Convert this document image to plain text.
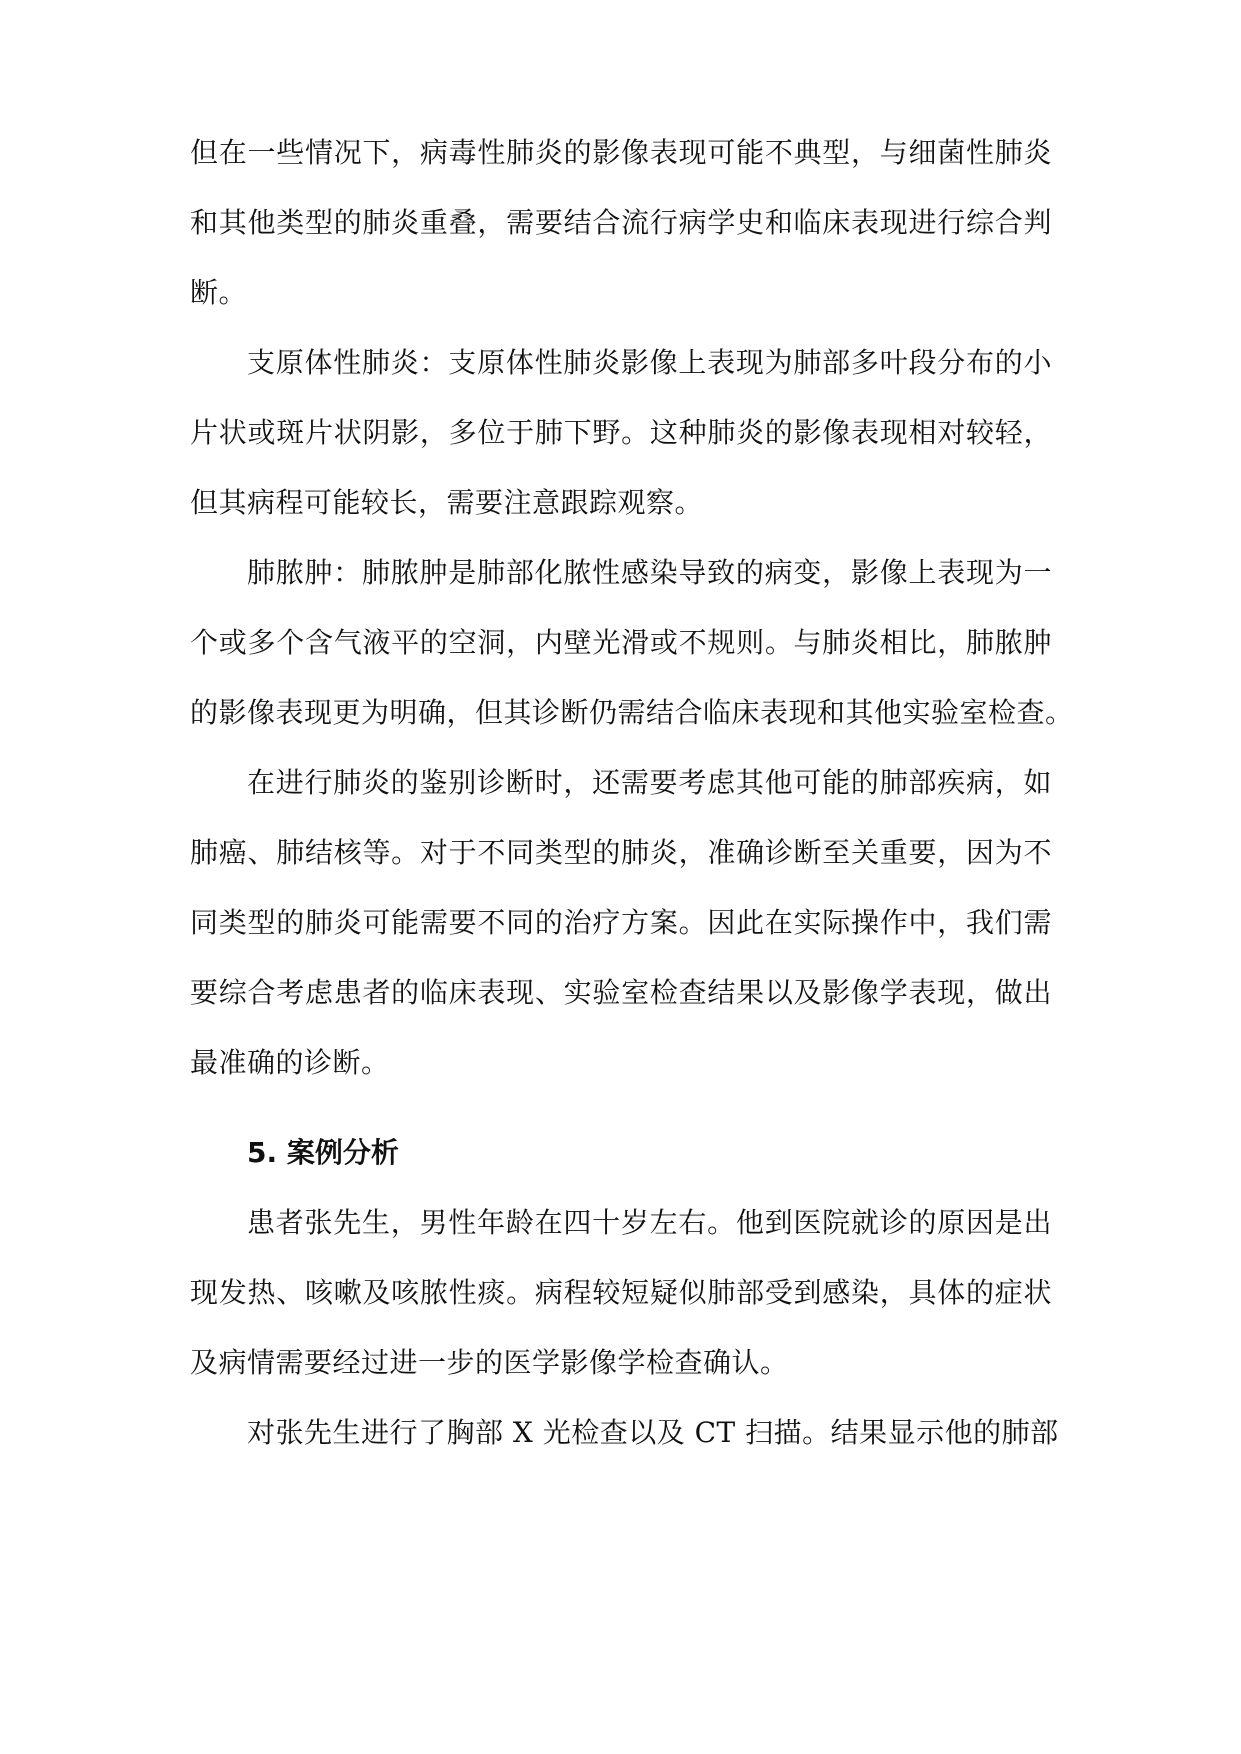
但在一些情况下，病毒性肺炎的影像表现可能不典型，与细菌性肺炎
和其他类型的肺炎重叠，需要结合流行病学史和临床表现进行综合判
断。
支原体性肺炎：支原体性肺炎影像上表现为肺部多叶段分布的小
片状或斑片状阴影，多位于肺下野。这种肺炎的影像表现相对较轻，
但其病程可能较长，需要注意跟踪观察。
肺脓肿：肺脓肿是肺部化脓性感染导致的病变，影像上表现为一
个或多个含气液平的空洞，内壁光滑或不规则。与肺炎相比，肺脓肿
的影像表现更为明确，但其诊断仍需结合临床表现和其他实验室检查。
在进行肺炎的鉴别诊断时，还需要考虑其他可能的肺部疾病，如
肺癌、肺结核等。对于不同类型的肺炎，准确诊断至关重要，因为不
同类型的肺炎可能需要不同的治疗方案。因此在实际操作中，我们需
要综合考虑患者的临床表现、实验室检查结果以及影像学表现，做出
最准确的诊断。
5. 案例分析
患者张先生，男性年龄在四十岁左右。他到医院就诊的原因是出
现发热、咳嗽及咳脓性痰。病程较短疑似肺部受到感染，具体的症状
及病情需要经过进一步的医学影像学检查确认。
对张先生进行了胸部 X 光检查以及 CT 扫描。结果显示他的肺部
